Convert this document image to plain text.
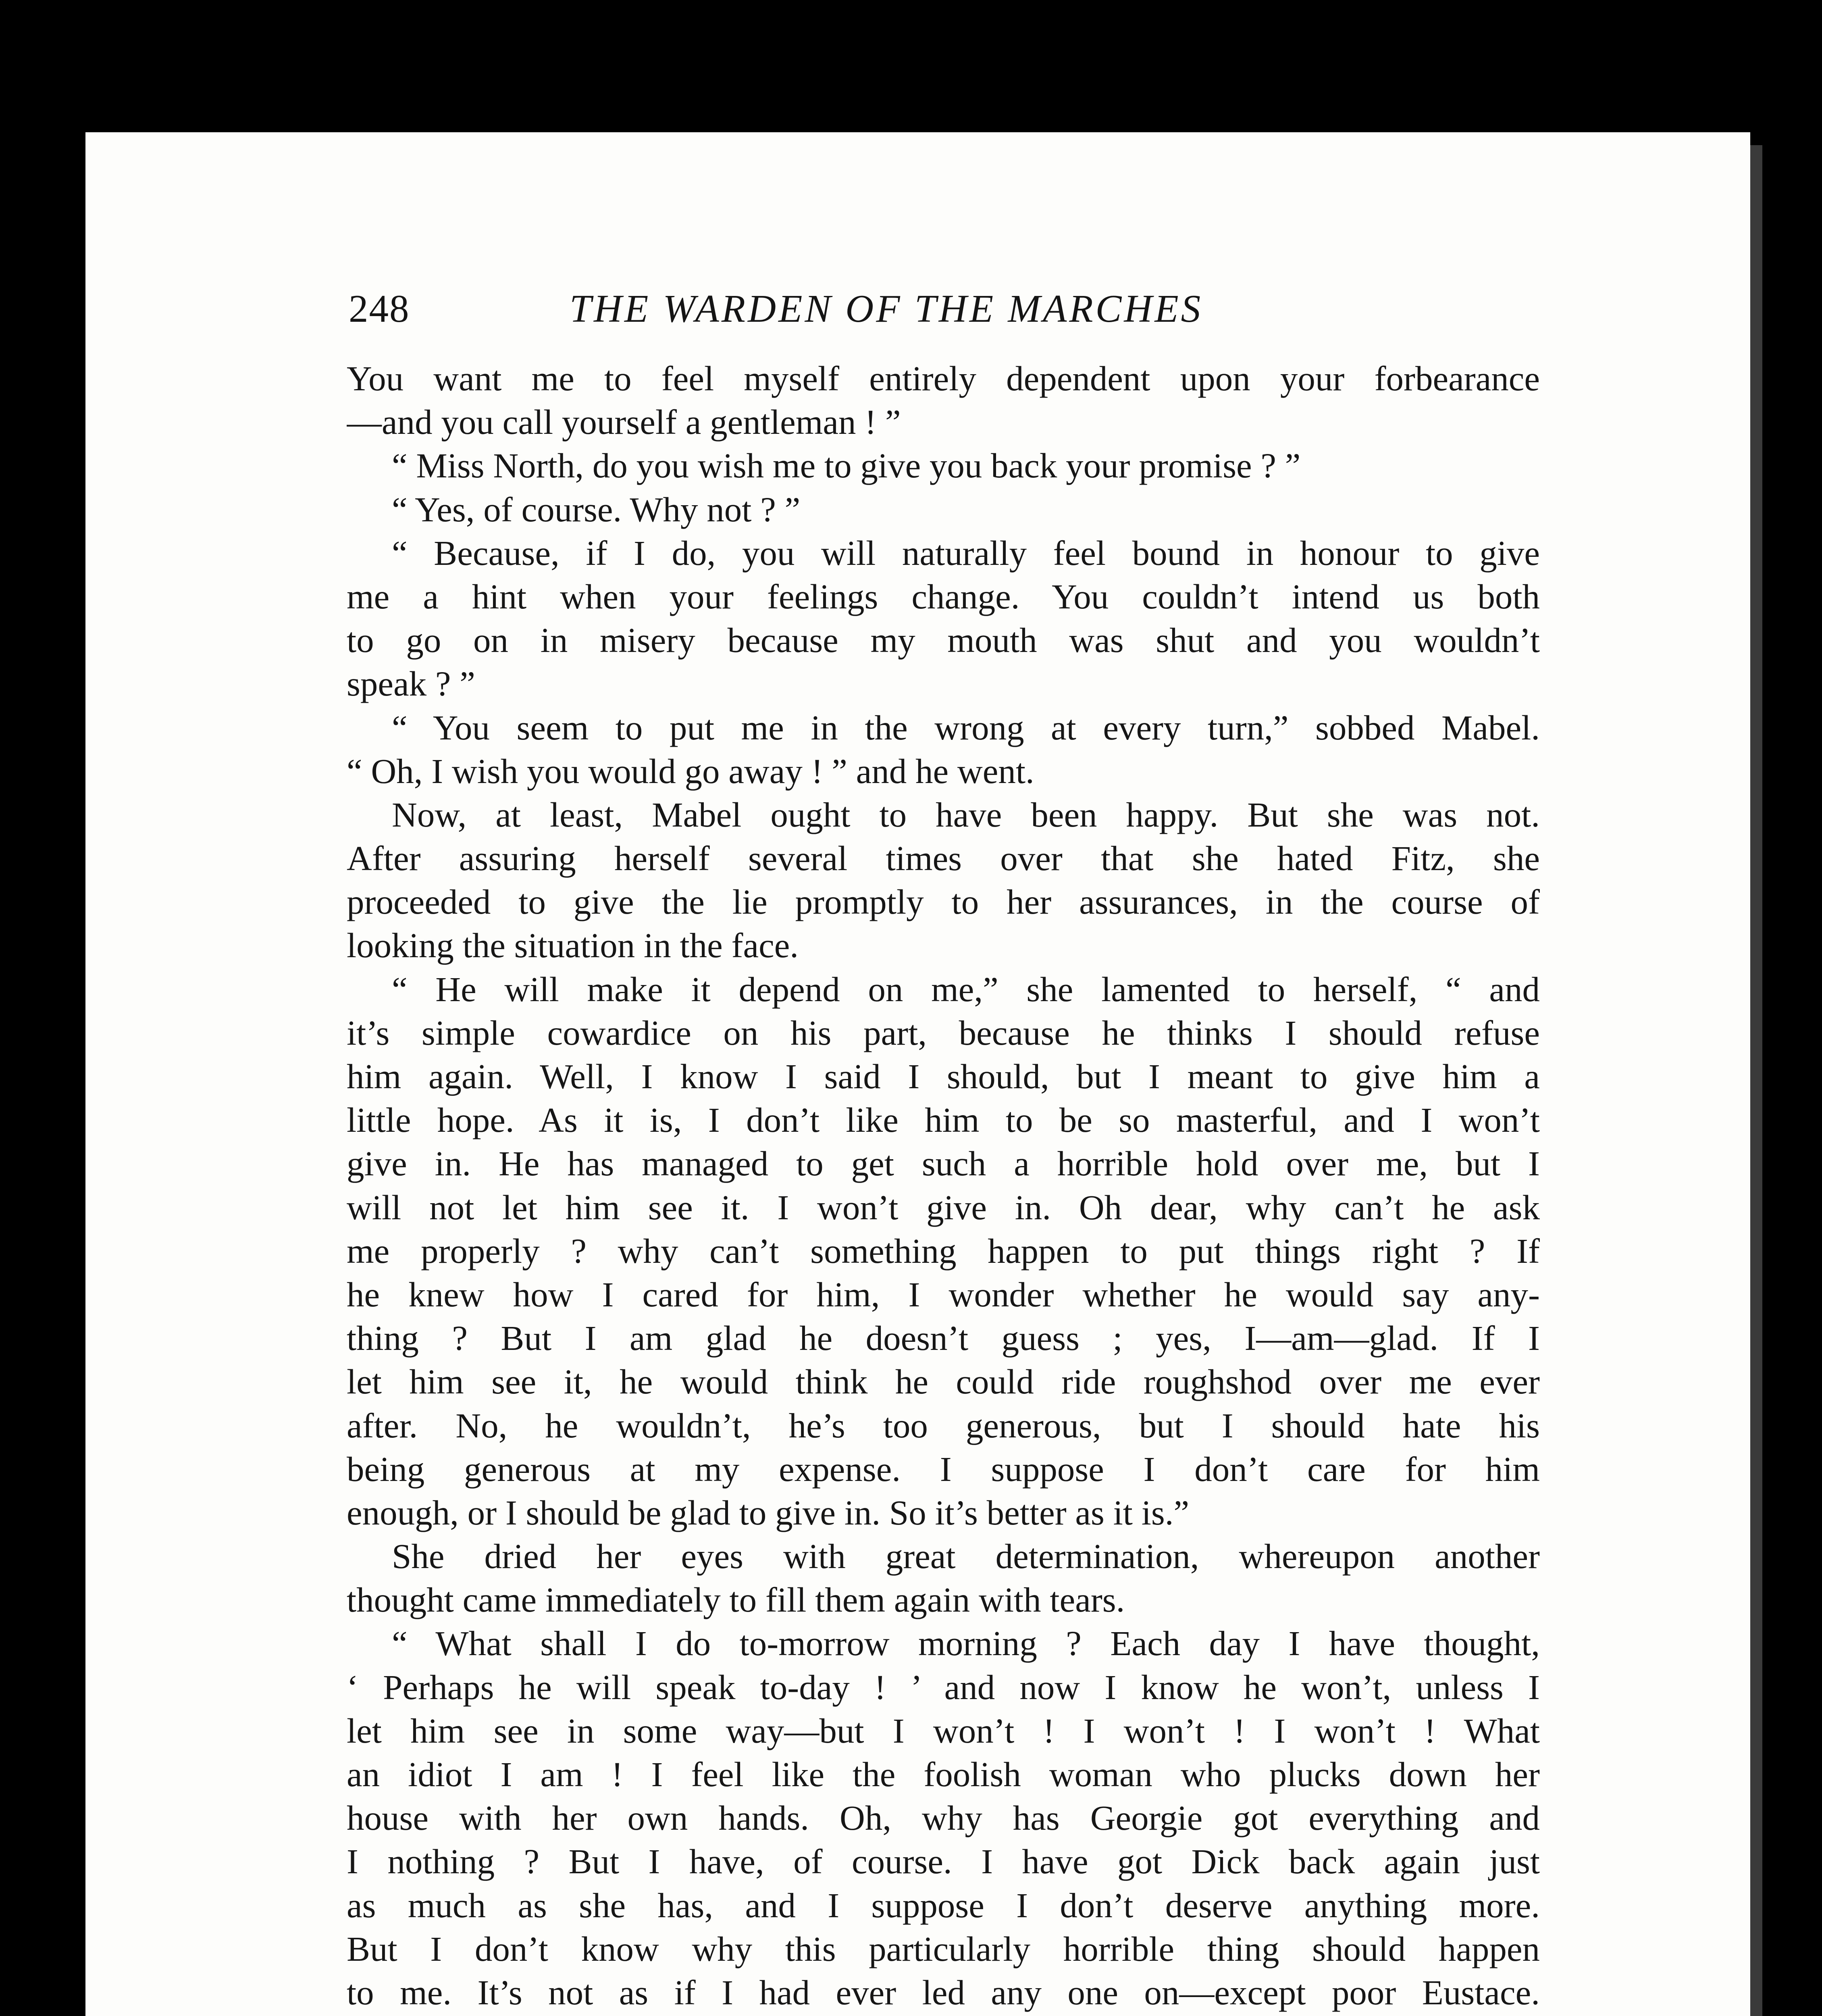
248	THE WARDEN OF THE MARCHES
You want me to feel myself entirely dependent upon your forbearance
—and you call yourself a gentleman ! ”
“ Miss North, do you wish me to give you back your promise ? ”
“ Yes, of course. Why not ? ”
“ Because, if I do, you will naturally feel bound in honour to give
me a hint when your feelings change. You couldn’t intend us both
to go on in misery because my mouth was shut and you wouldn’t
speak ? ”
“ You seem to put me in the wrong at every turn,” sobbed Mabel.
“ Oh, I wish you would go away ! ” and he went.
Now, at least, Mabel ought to have been happy. But she was not.
After assuring herself several times over that she hated Fitz, she
proceeded to give the lie promptly to her assurances, in the course of
looking the situation in the face.
“ He will make it depend on me,” she lamented to herself, “ and
it’s simple cowardice on his part, because he thinks I should refuse
him again. Well, I know I said I should, but I meant to give him a
little hope. As it is, I don’t like him to be so masterful, and I won’t
give in. He has managed to get such a horrible hold over me, but I
will not let him see it. I won’t give in. Oh dear, why can’t he ask
me properly ? why can’t something happen to put things right ? If
he knew how I cared for him, I wonder whether he would say any-
thing ? But I am glad he doesn’t guess ; yes, I—am—glad. If I
let him see it, he would think he could ride roughshod over me ever
after. No, he wouldn’t, he’s too generous, but I should hate his
being generous at my expense. I suppose I don’t care for him
enough, or I should be glad to give in. So it’s better as it is.”
She dried her eyes with great determination, whereupon another
thought came immediately to fill them again with tears.
“ What shall I do to-morrow morning ? Each day I have thought,
‘ Perhaps he will speak to-day ! ’ and now I know he won’t, unless I
let him see in some way—but I won’t ! I won’t ! I won’t ! What
an idiot I am ! I feel like the foolish woman who plucks down her
house with her own hands. Oh, why has Georgie got everything and
I nothing ? But I have, of course. I have got Dick back again just
as much as she has, and I suppose I don’t deserve anything more.
But I don’t know why this particularly horrible thing should happen
to me. It’s not as if I had ever led any one on—except poor Eustace.
